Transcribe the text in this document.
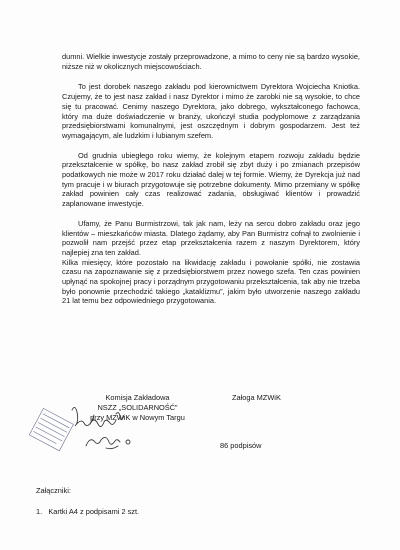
dumni. Wielkie inwestycje zostały przeprowadzone, a mimo to ceny nie są bardzo wysokie, niższe niż w okolicznych miejscowościach.

To jest dorobek naszego zakładu pod kierownictwem Dyrektora Wojciecha Kniotka. Czujemy, że to jest nasz zakład i nasz Dyrektor i mimo że zarobki nie są wysokie, to chce się tu pracować. Cenimy naszego Dyrektora, jako dobrego, wykształconego fachowca, który ma duże doświadczenie w branży, ukończył studia podyplomowe z zarządzania przedsiębiorstwami komunalnymi, jest oszczędnym i dobrym gospodarzem. Jest też wymagającym, ale ludzkim i lubianym szefem.

Od grudnia ubiegłego roku wiemy, że kolejnym etapem rozwoju zakładu będzie przekształcenie w spółkę, bo nasz zakład zrobił się zbyt duży i po zmianach przepisów podatkowych nie może w 2017 roku działać dalej w tej formie. Wiemy, że Dyrekcja już nad tym pracuje i w biurach przygotowuje się potrzebne dokumenty. Mimo przemiany w spółkę zakład powinien cały czas realizować zadania, obsługiwać klientów i prowadzić zaplanowane inwestycje.

Ufamy, że Panu Burmistrzowi, tak jak nam, leży na sercu dobro zakładu oraz jego klientów – mieszkańców miasta. Dlatego żądamy, aby Pan Burmistrz cofnął to zwolnienie i pozwolił nam przejść przez etap przekształcenia razem z naszym Dyrektorem, który najlepiej zna ten zakład.

Kilka miesięcy, które pozostało na likwidację zakładu i powołanie spółki, nie zostawia czasu na zapoznawanie się z przedsiębiorstwem przez nowego szefa. Ten czas powinien upłynąć na spokojnej pracy i porządnym przygotowaniu przekształcenia, tak aby nie trzeba było ponownie przechodzić takiego „kataklizmu”, jakim było utworzenie naszego zakładu 21 lat temu bez odpowiedniego przygotowania.

Komisja Zakładowa
NSZZ „SOLIDARNOŚĆ”
przy MZWiK w Nowym Targu
Załoga MZWiK
86 podpisów
Załączniki:
1.   Kartki A4 z podpisami 2 szt.
